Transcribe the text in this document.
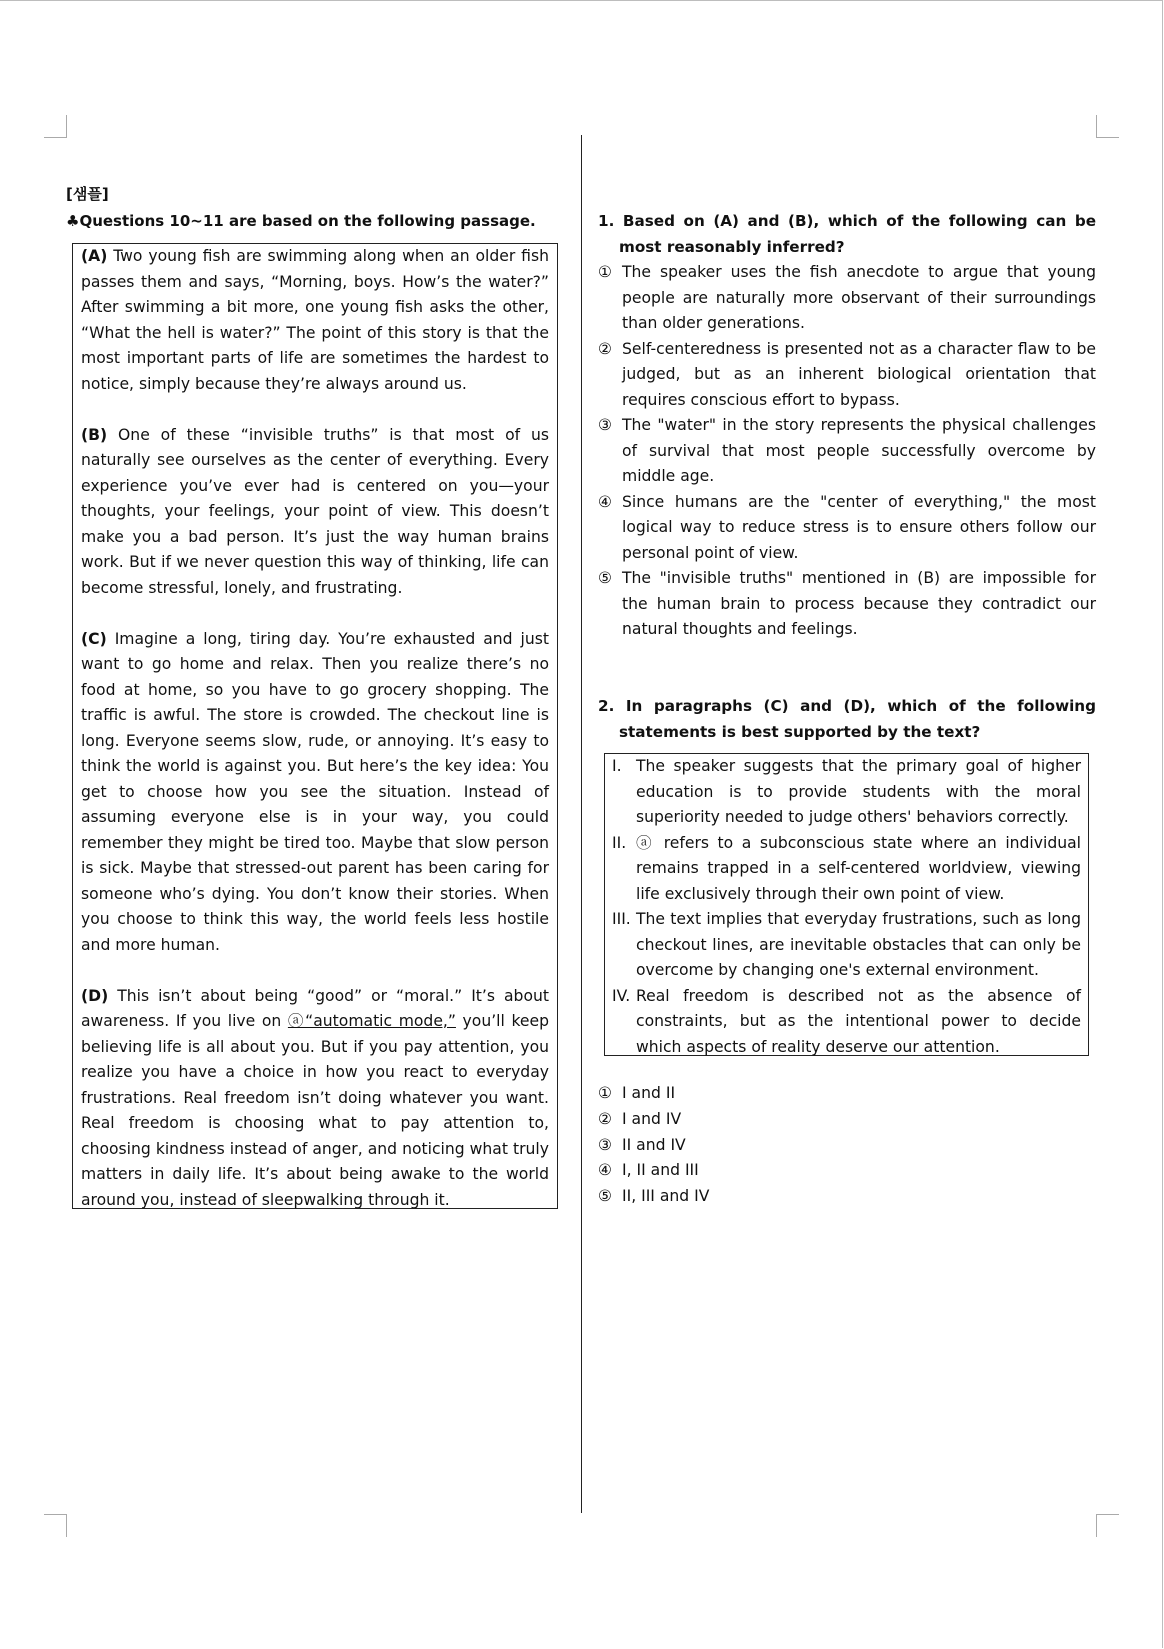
[샘플]
♣Questions 10~11 are based on the following passage.

(A) Two young fish are swimming along when an older fish passes them and says, “Morning, boys. How’s the water?” After swimming a bit more, one young fish asks the other, “What the hell is water?” The point of this story is that the most important parts of life are sometimes the hardest to notice, simply because they’re always around us.

(B) One of these “invisible truths” is that most of us naturally see ourselves as the center of everything. Every experience you’ve ever had is centered on you—your thoughts, your feelings, your point of view. This doesn’t make you a bad person. It’s just the way human brains work. But if we never question this way of thinking, life can become stressful, lonely, and frustrating.

(C) Imagine a long, tiring day. You’re exhausted and just want to go home and relax. Then you realize there’s no food at home, so you have to go grocery shopping. The traffic is awful. The store is crowded. The checkout line is long. Everyone seems slow, rude, or annoying. It’s easy to think the world is against you. But here’s the key idea: You get to choose how you see the situation. Instead of assuming everyone else is in your way, you could remember they might be tired too. Maybe that slow person is sick. Maybe that stressed-out parent has been caring for someone who’s dying. You don’t know their stories. When you choose to think this way, the world feels less hostile and more human.

(D) This isn’t about being “good” or “moral.” It’s about awareness. If you live on ⓐ“automatic mode,” you’ll keep believing life is all about you. But if you pay attention, you realize you have a choice in how you react to everyday frustrations. Real freedom isn’t doing whatever you want. Real freedom is choosing what to pay attention to, choosing kindness instead of anger, and noticing what truly matters in daily life. It’s about being awake to the world around you, instead of sleepwalking through it.

1. Based on (A) and (B), which of the following can be most reasonably inferred?

① The speaker uses the fish anecdote to argue that young people are naturally more observant of their surroundings than older generations.
② Self-centeredness is presented not as a character flaw to be judged, but as an inherent biological orientation that requires conscious effort to bypass.
③ The "water" in the story represents the physical challenges of survival that most people successfully overcome by middle age.
④ Since humans are the "center of everything," the most logical way to reduce stress is to ensure others follow our personal point of view.
⑤ The "invisible truths" mentioned in (B) are impossible for the human brain to process because they contradict our natural thoughts and feelings.

2. In paragraphs (C) and (D), which of the following statements is best supported by the text?

I. The speaker suggests that the primary goal of higher education is to provide students with the moral superiority needed to judge others' behaviors correctly.
II. ⓐ refers to a subconscious state where an individual remains trapped in a self-centered worldview, viewing life exclusively through their own point of view.
III. The text implies that everyday frustrations, such as long checkout lines, are inevitable obstacles that can only be overcome by changing one's external environment.
IV. Real freedom is described not as the absence of constraints, but as the intentional power to decide which aspects of reality deserve our attention.
① I and II
② I and IV
③ II and IV
④ I, II and III
⑤ II, III and IV
